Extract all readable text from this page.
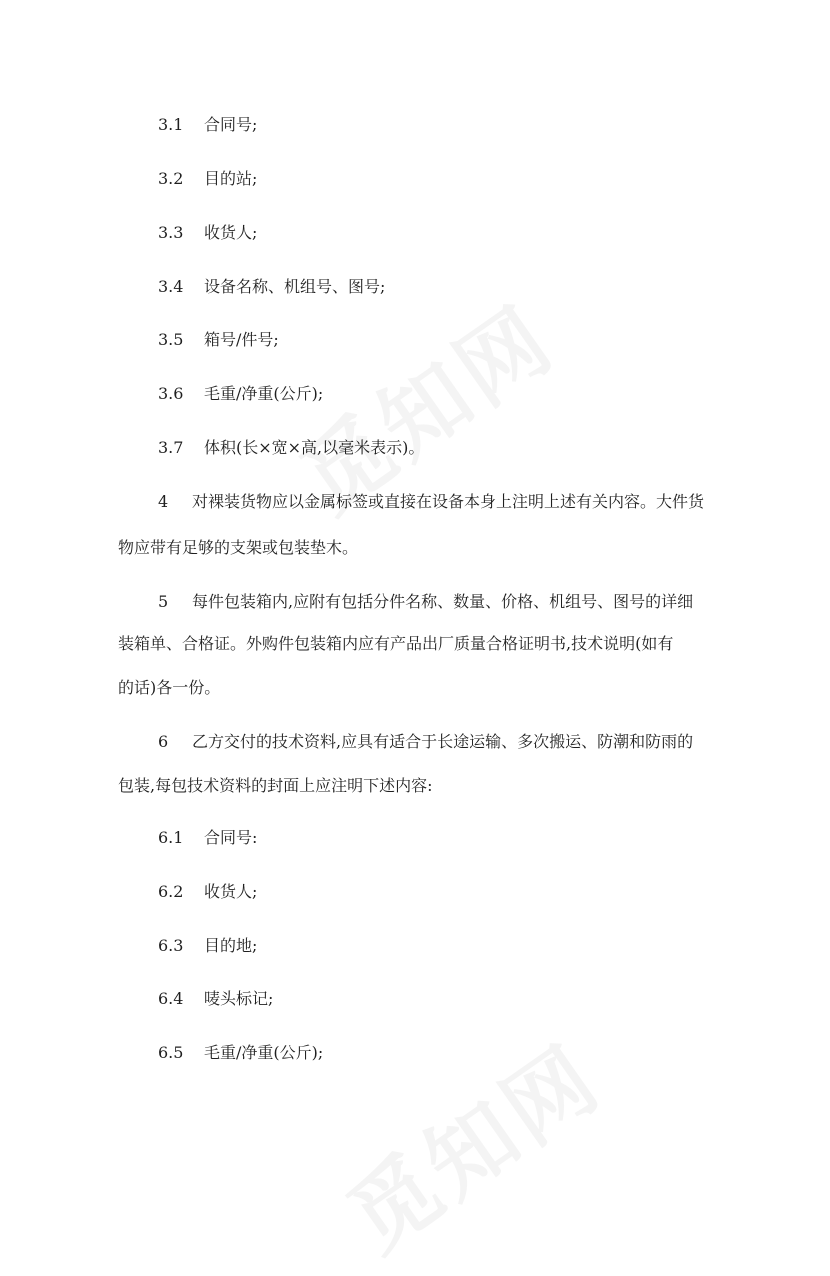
3.1 合同号;
3.2 目的站;
3.3 收货人;
3.4 设备名称、机组号、图号;
3.5 箱号/件号;
3.6 毛重/净重(公斤);
3.7 体积(长×宽×高,以毫米表示)。
4 对裸装货物应以金属标签或直接在设备本身上注明上述有关内容。大件货
物应带有足够的支架或包装垫木。
5 每件包装箱内,应附有包括分件名称、数量、价格、机组号、图号的详细
装箱单、合格证。外购件包装箱内应有产品出厂质量合格证明书,技术说明(如有
的话)各一份。
6 乙方交付的技术资料,应具有适合于长途运输、多次搬运、防潮和防雨的
包装,每包技术资料的封面上应注明下述内容:
6.1 合同号:
6.2 收货人;
6.3 目的地;
6.4 唛头标记;
6.5 毛重/净重(公斤);
